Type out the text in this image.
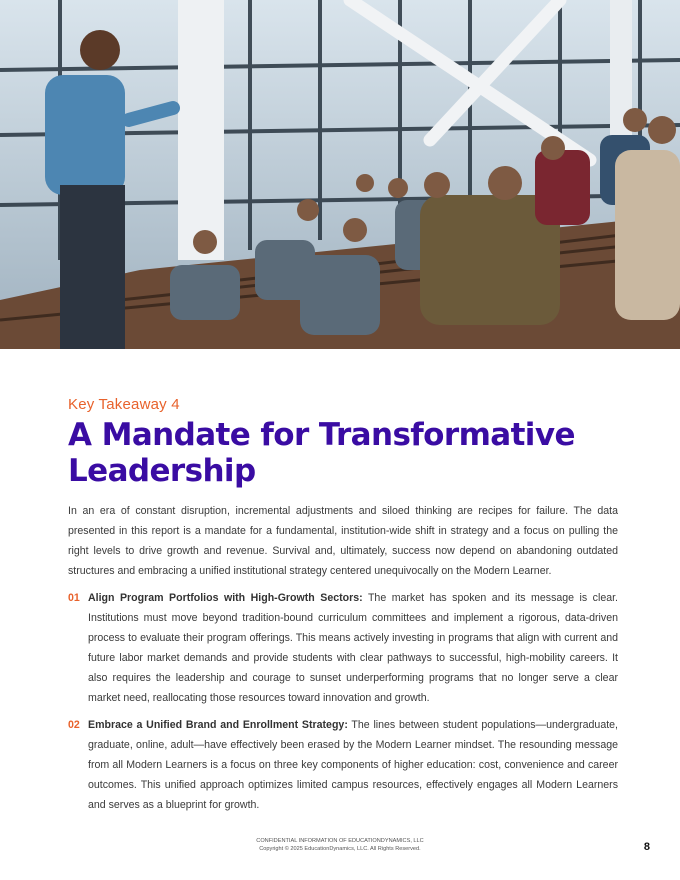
Key Takeaway 4
A Mandate for Transformative Leadership

In an era of constant disruption, incremental adjustments and siloed thinking are recipes for failure. The data presented in this report is a mandate for a fundamental, institution-wide shift in strategy and a focus on pulling the right levels to drive growth and revenue. Survival and, ultimately, success now depend on abandoning outdated structures and embracing a unified institutional strategy centered unequivocally on the Modern Learner.

01 Align Program Portfolios with High-Growth Sectors: The market has spoken and its message is clear. Institutions must move beyond tradition-bound curriculum committees and implement a rigorous, data-driven process to evaluate their program offerings. This means actively investing in programs that align with current and future labor market demands and provide students with clear pathways to successful, high-mobility careers. It also requires the leadership and courage to sunset underperforming programs that no longer serve a clear market need, reallocating those resources toward innovation and growth.
02 Embrace a Unified Brand and Enrollment Strategy: The lines between student populations—undergraduate, graduate, online, adult—have effectively been erased by the Modern Learner mindset. The resounding message from all Modern Learners is a focus on three key components of higher education: cost, convenience and career outcomes. This unified approach optimizes limited campus resources, effectively engages all Modern Learners and serves as a blueprint for growth.
CONFIDENTIAL INFORMATION OF EDUCATIONDYNAMICS, LLC
Copyright © 2025 EducationDynamics, LLC. All Rights Reserved.	8
